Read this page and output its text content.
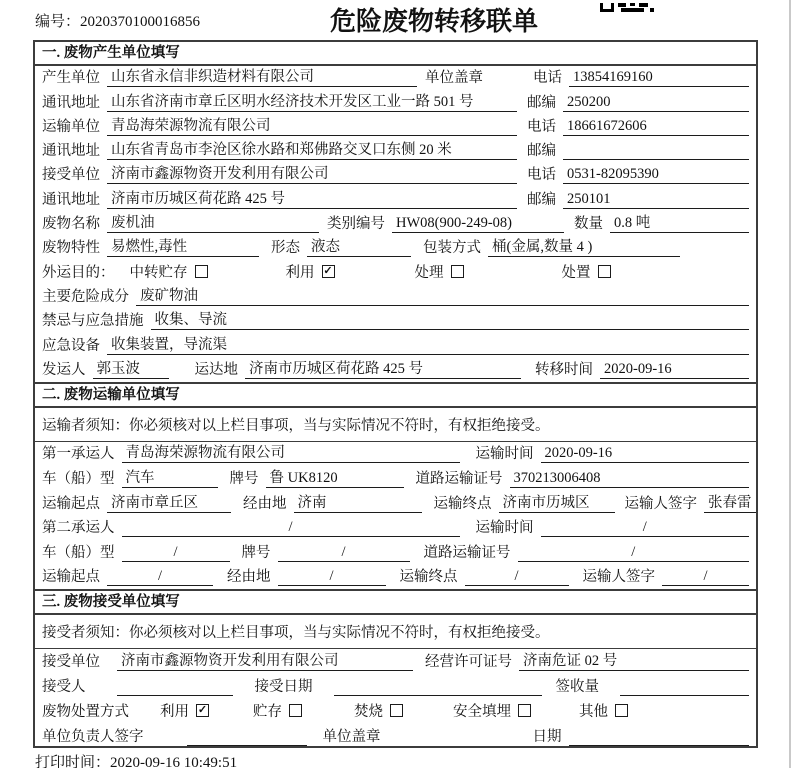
编号：2020370100016856	危险废物转移联单
一. 废物产生单位填写
产生单位 山东省永信非织造材料有限公司	单位盖章	电话 13854169160
通讯地址 山东省济南市章丘区明水经济技术开发区工业一路 501 号	邮编 250200
运输单位 青岛海荣源物流有限公司	电话 18661672606
通讯地址 山东省青岛市李沧区徐水路和郑佛路交叉口东侧 20 米	邮编
接受单位 济南市鑫源物资开发利用有限公司	电话 0531-82095390
通讯地址 济南市历城区荷花路 425 号	邮编 250101
废物名称 废机油	类别编号 HW08(900-249-08)	数量 0.8 吨
废物特性 易燃性,毒性	形态 液态	包装方式 桶(金属,数量 4 )
外运目的： 中转贮存	利用 ✓	处理	处置
主要危险成分 废矿物油
禁忌与应急措施 收集、导流
应急设备 收集装置，导流渠
发运人 郭玉波	运达地 济南市历城区荷花路 425 号	转移时间 2020-09-16
二. 废物运输单位填写
运输者须知：你必须核对以上栏目事项，当与实际情况不符时，有权拒绝接受。
第一承运人 青岛海荣源物流有限公司	运输时间 2020-09-16
车（船）型 汽车	牌号 鲁 UK8120	道路运输证号 370213006408
运输起点 济南市章丘区	经由地 济南	运输终点 济南市历城区	运输人签字 张春雷
第二承运人	/	运输时间	/
车（船）型	/	牌号	/	道路运输证号	/
运输起点	/	经由地	/	运输终点	/	运输人签字	/
三. 废物接受单位填写
接受者须知：你必须核对以上栏目事项，当与实际情况不符时，有权拒绝接受。
接受单位 济南市鑫源物资开发利用有限公司	经营许可证号 济南危证 02 号
接受人	接受日期	签收量
废物处置方式 利用 ✓	贮存	焚烧	安全填埋	其他
单位负责人签字	单位盖章	日期
打印时间：2020-09-16 10:49:51
